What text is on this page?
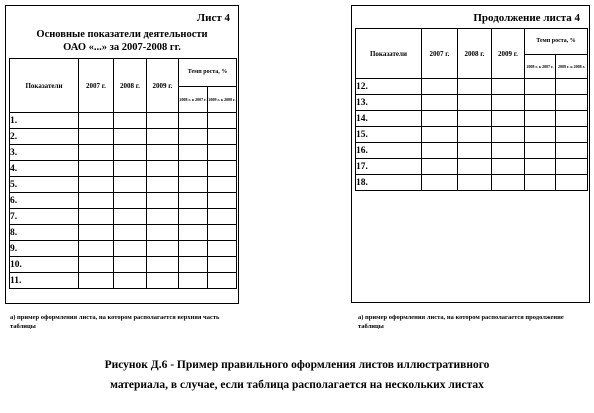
Лист 4
Основные показатели деятельности
ОАО «...» за 2007-2008 гг.
Показатели	2007 г.	2008 г.	2009 г.	Темп роста, %	
				2008 г. к 2007 г.	2009 г. к 2008 г.
1.					
2.					
3.					
4.					
5.					
6.					
7.					
8.					
9.					
10.					
11.					
Продолжение листа 4
Показатели	2007 г.	2008 г.	2009 г.	Темп роста, %	
				2008 г. к 2007 г.	2009 г. к 2008 г.
12.					
13.					
14.					
15.					
16.					
17.					
18.					
а) пример оформления листа, на котором располагается верхняя часть таблицы
а) пример оформления листа, на котором располагается продолжение таблицы
Рисунок Д.6 - Пример правильного оформления листов иллюстративного
материала, в случае, если таблица располагается на нескольких листах
